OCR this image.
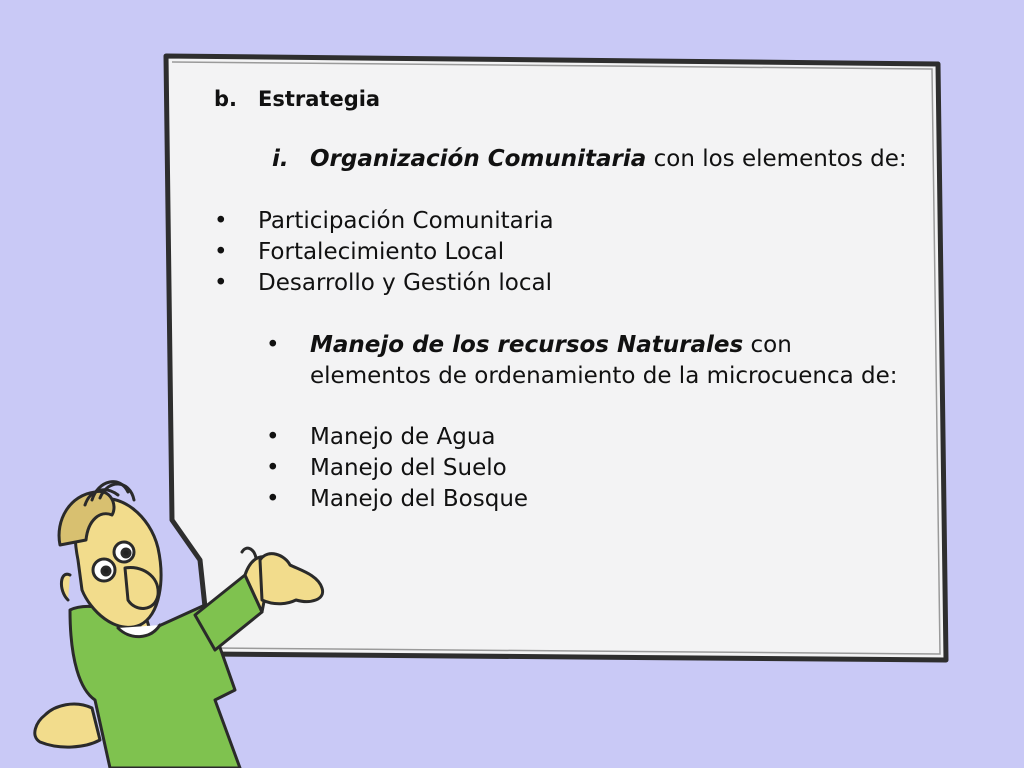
b. Estrategia
i. Organización Comunitaria con los elementos de:
• Participación Comunitaria
• Fortalecimiento Local
• Desarrollo y Gestión local
• Manejo de los recursos Naturales con
elementos de ordenamiento de la microcuenca de:
• Manejo de Agua
• Manejo del Suelo
• Manejo del Bosque
